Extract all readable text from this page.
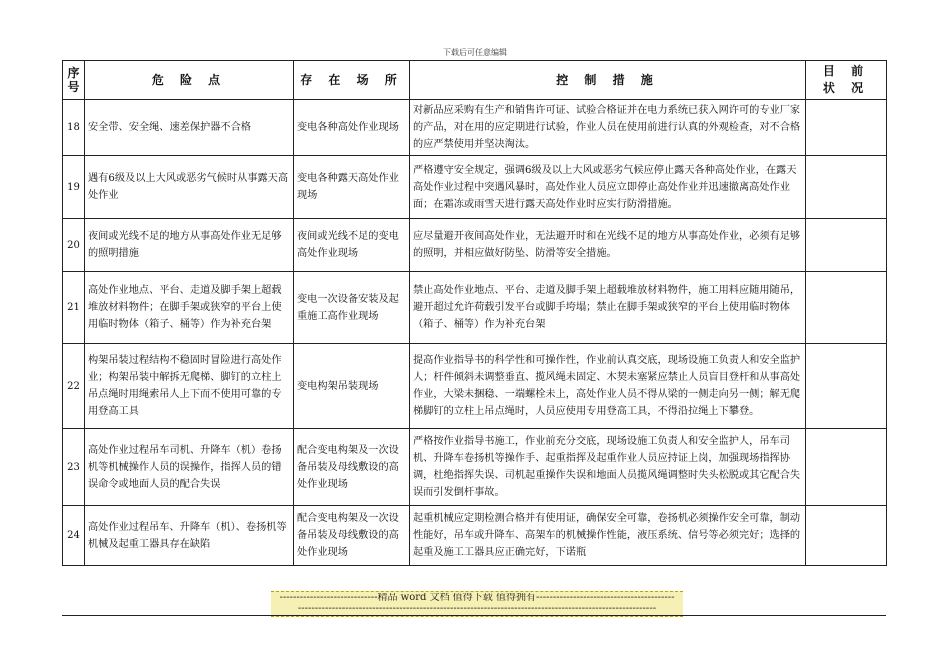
下载后可任意编辑
序号	危 险 点	存 在 场 所	控 制 措 施	目 前 状 况
18	安全带、安全绳、速差保护器不合格	变电各种高处作业现场	对新品应采购有生产和销售许可证、试验合格证并在电力系统已获入网许可的专业厂家的产品，对在用的应定期进行试验，作业人员在使用前进行认真的外观检查，对不合格的应严禁使用并坚决淘汰。	
19	遇有6级及以上大风或恶劣气候时从事露天高处作业	变电各种露天高处作业现场	严格遵守安全规定，强调6级及以上大风或恶劣气候应停止露天各种高处作业，在露天高处作业过程中突遇风暴时，高处作业人员应立即停止高处作业并迅速撤离高处作业面；在霜冻或雨雪天进行露天高处作业时应实行防滑措施。	
20	夜间或光线不足的地方从事高处作业无足够的照明措施	夜间或光线不足的变电高处作业现场	应尽量避开夜间高处作业，无法避开时和在光线不足的地方从事高处作业，必须有足够的照明，并相应做好防坠、防滑等安全措施。	
21	高处作业地点、平台、走道及脚手架上超载堆放材料物件；在脚手架或狭窄的平台上使用临时物体（箱子、桶等）作为补充台架	变电一次设备安装及起重施工高作业现场	禁止高处作业地点、平台、走道及脚手架上超载堆放材料物件，施工用料应随用随吊，避开超过允许荷载引发平台或脚手垮塌；禁止在脚手架或狭窄的平台上使用临时物体（箱子、桶等）作为补充台架	
22	构架吊装过程结构不稳固时冒险进行高处作业；构架吊装中解拆无爬梯、脚钉的立柱上吊点绳时用绳索吊人上下而不使用可靠的专用登高工具	变电构架吊装现场	提高作业指导书的科学性和可操作性，作业前认真交底，现场设施工负责人和安全监护人；杆件倾斜未调整垂直、揽风绳未固定、木契未塞紧应禁止人员盲目登杆和从事高处作业，大梁未捆稳、一端螺栓未上，高处作业人员不得从梁的一侧走向另一侧；解无爬梯脚钉的立柱上吊点绳时，人员应使用专用登高工具，不得沿拉绳上下攀登。	
23	高处作业过程吊车司机、升降车（机）卷扬机等机械操作人员的误操作，指挥人员的错误命令或地面人员的配合失误	配合变电构架及一次设备吊装及母线敷设的高处作业现场	严格按作业指导书施工，作业前充分交底，现场设施工负责人和安全监护人，吊车司机、升降车卷扬机等操作手、起重指挥及起重作业人员应持证上岗，加强现场指挥协调，杜绝指挥失误、司机起重操作失误和地面人员揽风绳调整时失头松脱或其它配合失误而引发倒杆事故。	
24	高处作业过程吊车、升降车（机）、卷扬机等机械及起重工器具存在缺陷	配合变电构架及一次设备吊装及母线敷设的高处作业现场	起重机械应定期检测合格并有使用证，确保安全可靠，卷扬机必须操作安全可靠，制动性能好，吊车或升降车、高架车的机械操作性能，液压系统、信号等必须完好；选择的起重及施工工器具应正确完好，下诺瓶	
-----------------------------精品 word 文档 值得下载 值得拥有-----------------------------------------
----------------------------------------------------------------------------------------------------------
